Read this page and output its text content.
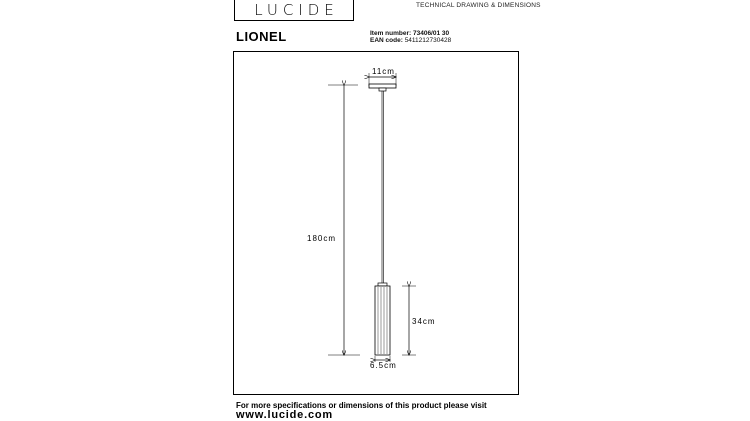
LUCIDE	TECHNICAL DRAWING & DIMENSIONS
LIONEL	Item number: 73406/01 30
EAN code: 5411212730428
11cm
180cm
34cm
6.5cm
For more specifications or dimensions of this product please visit
www.lucide.com
